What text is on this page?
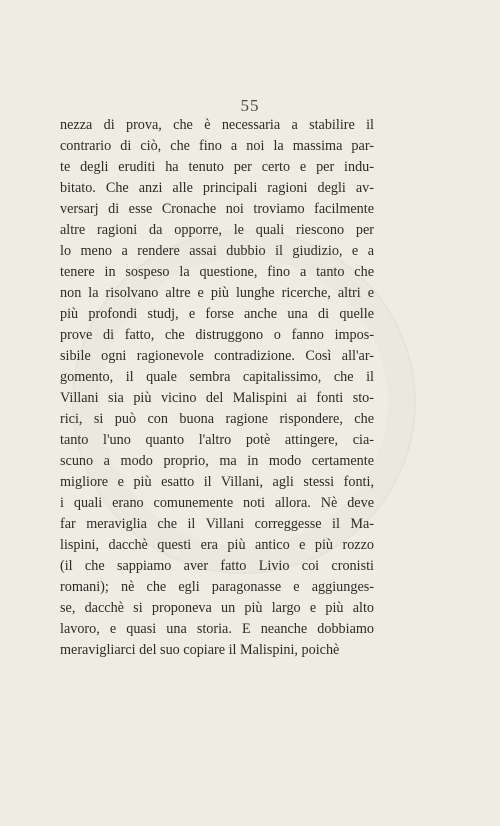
55
nezza di prova, che è necessaria a stabilire il
contrario di ciò, che fino a noi la massima par-
te degli eruditi ha tenuto per certo e per indu-
bitato. Che anzi alle principali ragioni degli av-
versarj di esse Cronache noi troviamo facilmente
altre ragioni da opporre, le quali riescono per
lo meno a rendere assai dubbio il giudizio, e a
tenere in sospeso la questione, fino a tanto che
non la risolvano altre e più lunghe ricerche, altri e
più profondi studj, e forse anche una di quelle
prove di fatto, che distruggono o fanno impos-
sibile ogni ragionevole contradizione. Così all'ar-
gomento, il quale sembra capitalissimo, che il
Villani sia più vicino del Malispini ai fonti sto-
rici, si può con buona ragione rispondere, che
tanto l'uno quanto l'altro potè attingere, cia-
scuno a modo proprio, ma in modo certamente
migliore e più esatto il Villani, agli stessi fonti,
i quali erano comunemente noti allora. Nè deve
far meraviglia che il Villani correggesse il Ma-
lispini, dacchè questi era più antico e più rozzo
(il che sappiamo aver fatto Livio coi cronisti
romani); nè che egli paragonasse e aggiunges-
se, dacchè si proponeva un più largo e più alto
lavoro, e quasi una storia. E neanche dobbiamo
meravigliarci del suo copiare il Malispini, poichè
